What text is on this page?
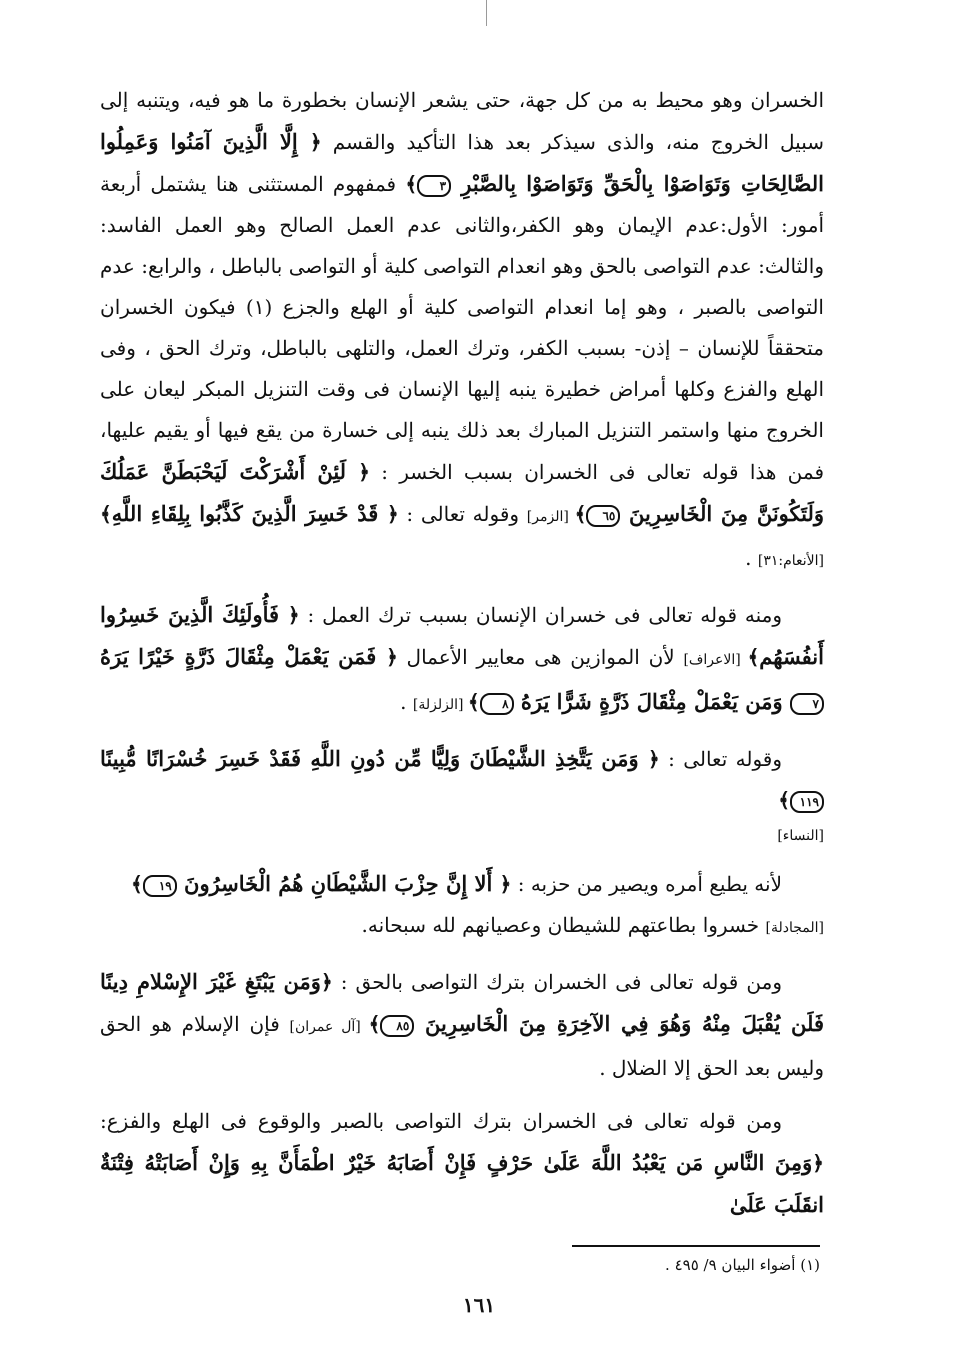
الخسران وهو محيط به من كل جهة، حتى يشعر الإنسان بخطورة ما هو فيه، ويتنبه إلى سبيل الخروج منه، والذى سيذكر بعد هذا التأكيد والقسم ﴿ إِلَّا الَّذِينَ آمَنُوا وَعَمِلُوا الصَّالِحَاتِ وَتَوَاصَوْا بِالْحَقِّ وَتَوَاصَوْا بِالصَّبْرِ ٣﴾ فمفهوم المستثنى هنا يشتمل أربعة أمور: الأول:عدم الإيمان وهو الكفر،والثانى عدم العمل الصالح وهو العمل الفاسد: والثالث: عدم التواصى بالحق وهو انعدام التواصى كلية أو التواصى بالباطل ، والرابع: عدم التواصى بالصبر ، وهو إما انعدام التواصى كلية أو الهلع والجزع (١) فيكون الخسران متحققاً للإنسان – إذن- بسبب الكفر، وترك العمل، والتلهى بالباطل، وترك الحق ، وفى الهلع والفزع وكلها أمراض خطيرة ينبه إليها الإنسان فى وقت التنزيل المبكر ليعان على الخروج منها واستمر التنزيل المبارك بعد ذلك ينبه إلى خسارة من يقع فيها أو يقيم عليها، فمن هذا قوله تعالى فى الخسران بسبب الخسر : ﴿ لَئِنْ أَشْرَكْتَ لَيَحْبَطَنَّ عَمَلُكَ وَلَتَكُونَنَّ مِنَ الْخَاسِرِينَ ٦٥﴾ [الزمر] وقوله تعالى : ﴿ قَدْ خَسِرَ الَّذِينَ كَذَّبُوا بِلِقَاءِ اللَّهِ﴾ [الأنعام:٣١] .

ومنه قوله تعالى فى خسران الإنسان بسبب ترك العمل : ﴿ فَأُولَئِكَ الَّذِينَ خَسِرُوا أَنفُسَهُم﴾ [الاعراف] لأن الموازين هى معايير الأعمال ﴿ فَمَن يَعْمَلْ مِثْقَالَ ذَرَّةٍ خَيْرًا يَرَهُ ٧ وَمَن يَعْمَلْ مِثْقَالَ ذَرَّةٍ شَرًّا يَرَهُ ٨﴾ [الزلزلة] .

وقوله تعالى : ﴿ وَمَن يَتَّخِذِ الشَّيْطَانَ وَلِيًّا مِّن دُونِ اللَّهِ فَقَدْ خَسِرَ خُسْرَانًا مُّبِينًا ١١٩﴾

[النساء]

لأنه يطيع أمره ويصير من حزبه : ﴿ أَلا إِنَّ حِزْبَ الشَّيْطَانِ هُمُ الْخَاسِرُونَ ١٩﴾
[المجادلة] خسروا بطاعتهم للشيطان وعصيانهم لله سبحانه.

ومن قوله تعالى فى الخسران بترك التواصى بالحق : ﴿وَمَن يَبْتَغِ غَيْرَ الإِسْلامِ دِينًا فَلَن يُقْبَلَ مِنْهُ وَهُوَ فِي الآخِرَةِ مِنَ الْخَاسِرِينَ ٨٥﴾ [آل عمران] فإن الإسلام هو الحق وليس بعد الحق إلا الضلال .

ومن قوله تعالى فى الخسران بترك التواصى بالصبر والوقوع فى الهلع والفزع: ﴿وَمِنَ النَّاسِ مَن يَعْبُدُ اللَّهَ عَلَىٰ حَرْفٍ فَإِنْ أَصَابَهُ خَيْرٌ اطْمَأَنَّ بِهِ وَإِنْ أَصَابَتْهُ فِتْنَةٌ انقَلَبَ عَلَىٰ

(١) أضواء البيان ٩/ ٤٩٥ .
١٦١
